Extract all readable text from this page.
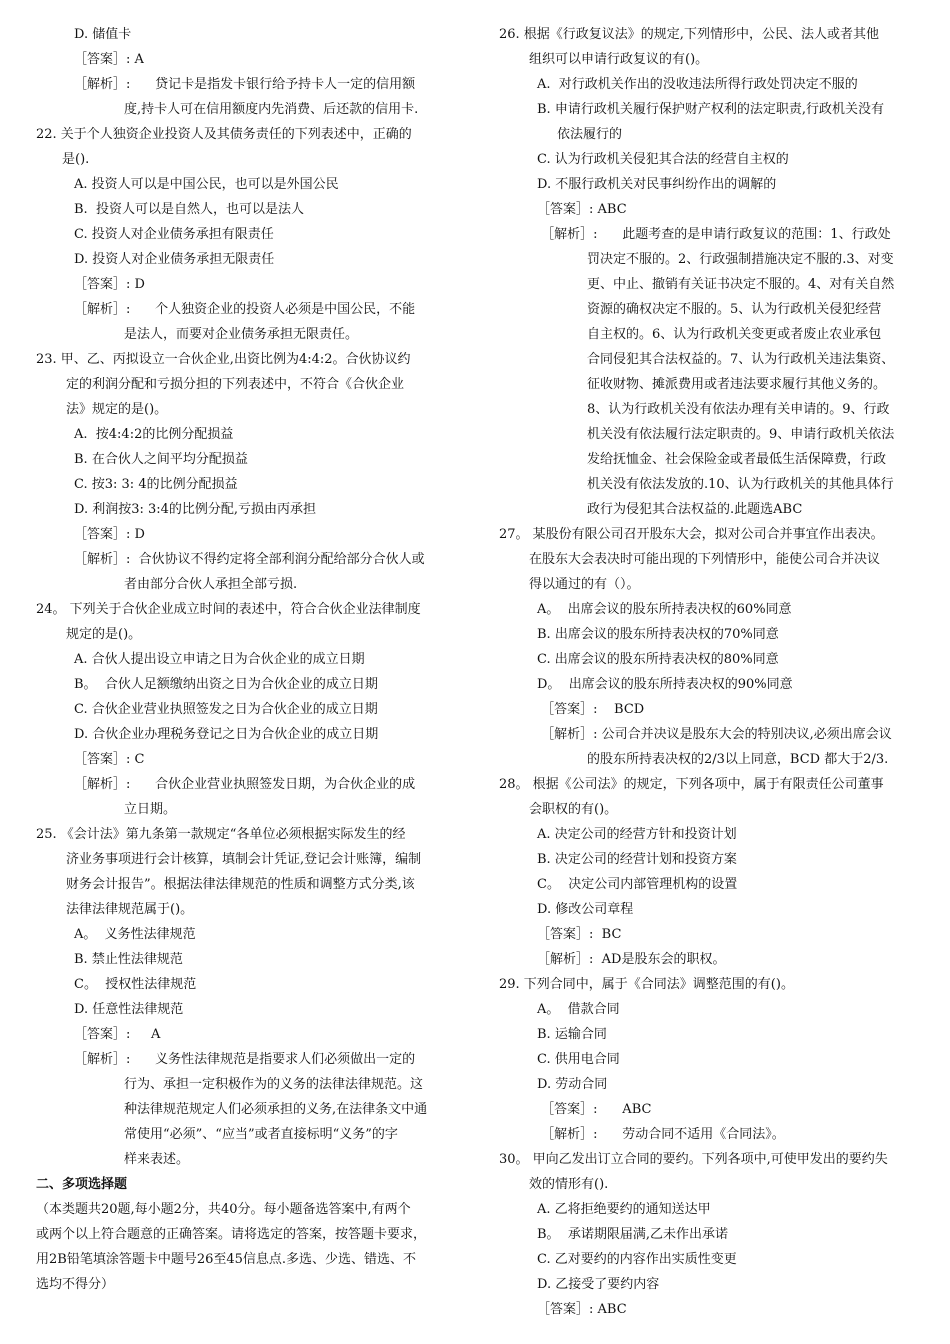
D. 储值卡
［答案］: A
［解析］:      贷记卡是指发卡银行给予持卡人一定的信用额
度,持卡人可在信用额度内先消费、后还款的信用卡.
22. 关于个人独资企业投资人及其债务责任的下列表述中，正确的
是().
A. 投资人可以是中国公民，也可以是外国公民
B.  投资人可以是自然人，也可以是法人
C. 投资人对企业债务承担有限责任
D. 投资人对企业债务承担无限责任
［答案］: D
［解析］:      个人独资企业的投资人必须是中国公民，不能
是法人，而要对企业债务承担无限责任。
23. 甲、乙、丙拟设立一合伙企业,出资比例为4:4:2。合伙协议约
定的利润分配和亏损分担的下列表述中，不符合《合伙企业
法》规定的是()。
A.  按4:4:2的比例分配损益
B. 在合伙人之间平均分配损益
C. 按3: 3: 4的比例分配损益
D. 利润按3: 3:4的比例分配,亏损由丙承担
［答案］: D
［解析］:  合伙协议不得约定将全部利润分配给部分合伙人或
者由部分合伙人承担全部亏损.
24。 下列关于合伙企业成立时间的表述中，符合合伙企业法律制度
规定的是()。
A. 合伙人提出设立申请之日为合伙企业的成立日期
B。  合伙人足额缴纳出资之日为合伙企业的成立日期
C. 合伙企业营业执照签发之日为合伙企业的成立日期
D. 合伙企业办理税务登记之日为合伙企业的成立日期
［答案］: C
［解析］:      合伙企业营业执照签发日期，为合伙企业的成
立日期。
25. 《会计法》第九条第一款规定“各单位必须根据实际发生的经
济业务事项进行会计核算，填制会计凭证,登记会计账簿，编制
财务会计报告”。根据法律法律规范的性质和调整方式分类,该
法律法律规范属于()。
A。  义务性法律规范
B. 禁止性法律规范
C。  授权性法律规范
D. 任意性法律规范
［答案］:     A
［解析］:      义务性法律规范是指要求人们必须做出一定的
行为、承担一定积极作为的义务的法律法律规范。这
种法律规范规定人们必须承担的义务,在法律条文中通
常使用“必须”、“应当”或者直接标明“义务”的字
样来表述。
二、多项选择题
（本类题共20题,每小题2分，共40分。每小题备选答案中,有两个
或两个以上符合题意的正确答案。请将选定的答案，按答题卡要求，
用2B铅笔填涂答题卡中题号26至45信息点.多选、少选、错选、不
选均不得分）
26. 根据《行政复议法》的规定,下列情形中，公民、法人或者其他
组织可以申请行政复议的有()。
A.  对行政机关作出的没收违法所得行政处罚决定不服的
B. 申请行政机关履行保护财产权利的法定职责,行政机关没有
依法履行的
C. 认为行政机关侵犯其合法的经营自主权的
D. 不服行政机关对民事纠纷作出的调解的
［答案］: ABC
［解析］:      此题考查的是申请行政复议的范围：1、行政处
罚决定不服的。2、行政强制措施决定不服的.3、对变
更、中止、撤销有关证书决定不服的。4、对有关自然
资源的确权决定不服的。5、认为行政机关侵犯经营
自主权的。6、认为行政机关变更或者废止农业承包
合同侵犯其合法权益的。7、认为行政机关违法集资、
征收财物、摊派费用或者违法要求履行其他义务的。
8、认为行政机关没有依法办理有关申请的。9、行政
机关没有依法履行法定职责的。9、申请行政机关依法
发给抚恤金、社会保险金或者最低生活保障费，行政
机关没有依法发放的.10、认为行政机关的其他具体行
政行为侵犯其合法权益的.此题选ABC
27。 某股份有限公司召开股东大会，拟对公司合并事宜作出表决。
在股东大会表决时可能出现的下列情形中，能使公司合并决议
得以通过的有（）。
A。  出席会议的股东所持表决权的60%同意
B. 出席会议的股东所持表决权的70%同意
C. 出席会议的股东所持表决权的80%同意
D。  出席会议的股东所持表决权的90%同意
［答案］:    BCD
［解析］: 公司合并决议是股东大会的特别决议,必须出席会议
的股东所持表决权的2/3以上同意，BCD 都大于2/3.
28。 根据《公司法》的规定，下列各项中，属于有限责任公司董事
会职权的有()。
A. 决定公司的经营方针和投资计划
B. 决定公司的经营计划和投资方案
C。  决定公司内部管理机构的设置
D. 修改公司章程
［答案］:  BC
［解析］:  AD是股东会的职权。
29. 下列合同中，属于《合同法》调整范围的有()。
A。  借款合同
B. 运输合同
C. 供用电合同
D. 劳动合同
［答案］:      ABC
［解析］:      劳动合同不适用《合同法》。
30。 甲向乙发出订立合同的要约。下列各项中,可使甲发出的要约失
效的情形有().
A. 乙将拒绝要约的通知送达甲
B。  承诺期限届满,乙未作出承诺
C. 乙对要约的内容作出实质性变更
D. 乙接受了要约内容
［答案］: ABC
